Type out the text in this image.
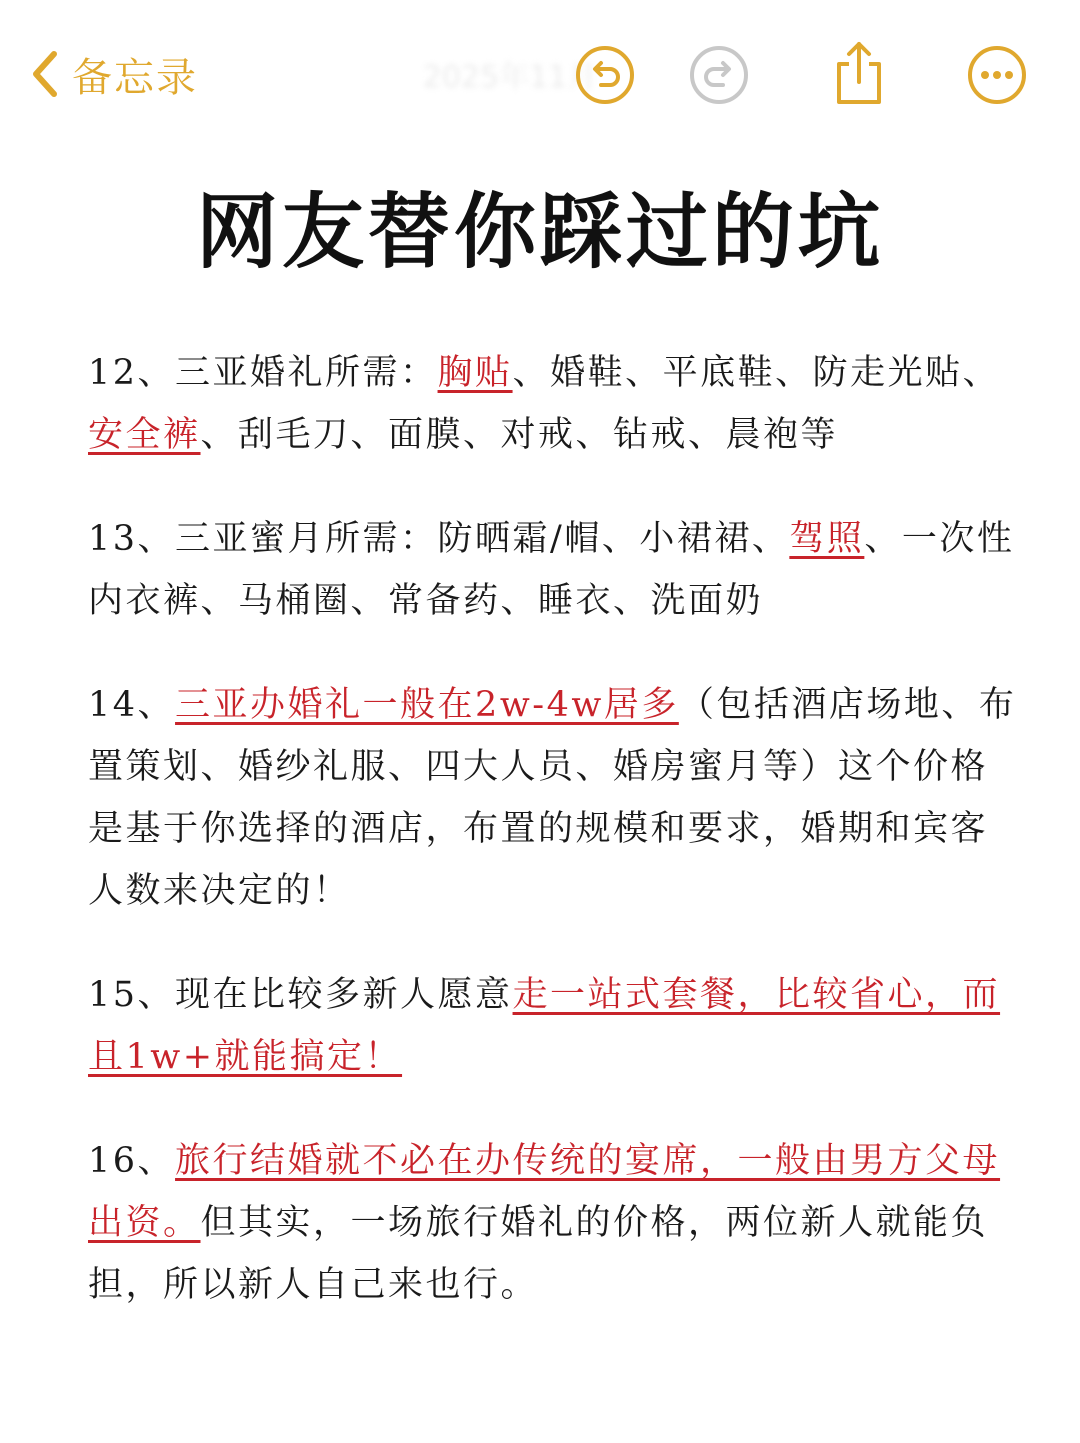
备忘录	2025年11月
网友替你踩过的坑

12、三亚婚礼所需：胸贴、婚鞋、平底鞋、防走光贴、安全裤、刮毛刀、面膜、对戒、钻戒、晨袍等

13、三亚蜜月所需：防晒霜/帽、小裙裙、驾照、一次性内衣裤、马桶圈、常备药、睡衣、洗面奶

14、三亚办婚礼一般在2w-4w居多（包括酒店场地、布置策划、婚纱礼服、四大人员、婚房蜜月等）这个价格是基于你选择的酒店，布置的规模和要求，婚期和宾客人数来决定的！

15、现在比较多新人愿意走一站式套餐，比较省心，而且1w+就能搞定！

16、旅行结婚就不必在办传统的宴席，一般由男方父母出资。但其实，一场旅行婚礼的价格，两位新人就能负担，所以新人自己来也行。
